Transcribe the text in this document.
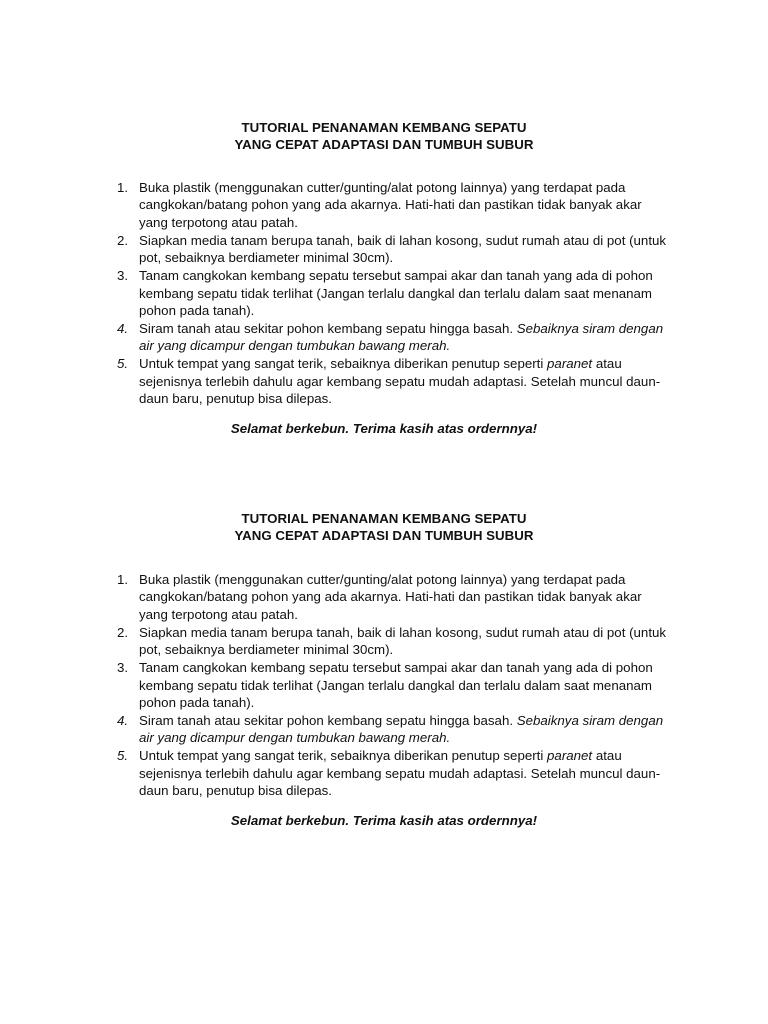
TUTORIAL PENANAMAN KEMBANG SEPATU
YANG CEPAT ADAPTASI DAN TUMBUH SUBUR
1. Buka plastik (menggunakan cutter/gunting/alat potong lainnya) yang terdapat pada cangkokan/batang pohon yang ada akarnya. Hati-hati dan pastikan tidak banyak akar yang terpotong atau patah.
2. Siapkan media tanam berupa tanah, baik di lahan kosong, sudut rumah atau di pot (untuk pot, sebaiknya berdiameter minimal 30cm).
3. Tanam cangkokan kembang sepatu tersebut sampai akar dan tanah yang ada di pohon kembang sepatu tidak terlihat (Jangan terlalu dangkal dan terlalu dalam saat menanam pohon pada tanah).
4. Siram tanah atau sekitar pohon kembang sepatu hingga basah. Sebaiknya siram dengan air yang dicampur dengan tumbukan bawang merah.
5. Untuk tempat yang sangat terik, sebaiknya diberikan penutup seperti paranet atau sejenisnya terlebih dahulu agar kembang sepatu mudah adaptasi. Setelah muncul daun-daun baru, penutup bisa dilepas.

Selamat berkebun. Terima kasih atas ordernnya!

TUTORIAL PENANAMAN KEMBANG SEPATU
YANG CEPAT ADAPTASI DAN TUMBUH SUBUR
1. Buka plastik (menggunakan cutter/gunting/alat potong lainnya) yang terdapat pada cangkokan/batang pohon yang ada akarnya. Hati-hati dan pastikan tidak banyak akar yang terpotong atau patah.
2. Siapkan media tanam berupa tanah, baik di lahan kosong, sudut rumah atau di pot (untuk pot, sebaiknya berdiameter minimal 30cm).
3. Tanam cangkokan kembang sepatu tersebut sampai akar dan tanah yang ada di pohon kembang sepatu tidak terlihat (Jangan terlalu dangkal dan terlalu dalam saat menanam pohon pada tanah).
4. Siram tanah atau sekitar pohon kembang sepatu hingga basah. Sebaiknya siram dengan air yang dicampur dengan tumbukan bawang merah.
5. Untuk tempat yang sangat terik, sebaiknya diberikan penutup seperti paranet atau sejenisnya terlebih dahulu agar kembang sepatu mudah adaptasi. Setelah muncul daun-daun baru, penutup bisa dilepas.

Selamat berkebun. Terima kasih atas ordernnya!
